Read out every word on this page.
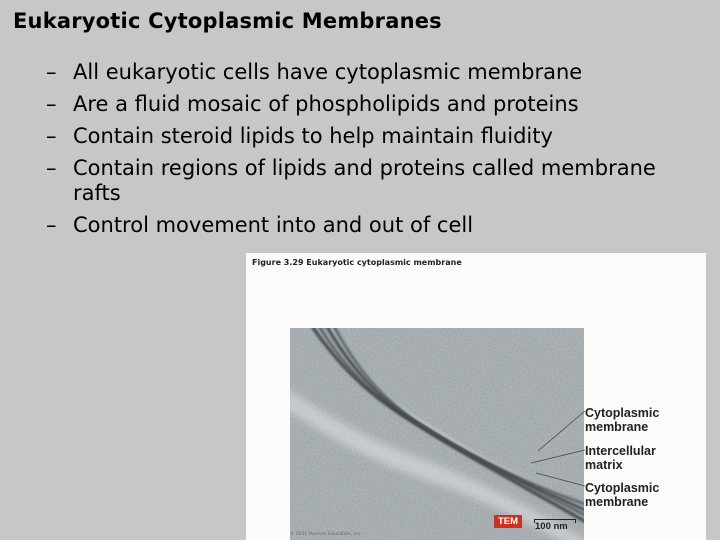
Eukaryotic Cytoplasmic Membranes
– All eukaryotic cells have cytoplasmic membrane
– Are a fluid mosaic of phospholipids and proteins
– Contain steroid lipids to help maintain fluidity
– Contain regions of lipids and proteins called membrane rafts
– Control movement into and out of cell
Figure 3.29 Eukaryotic cytoplasmic membrane
Cytoplasmic
membrane
Intercellular
matrix
Cytoplasmic
membrane
TEM	100 nm
© 2011 Pearson Education, Inc.
